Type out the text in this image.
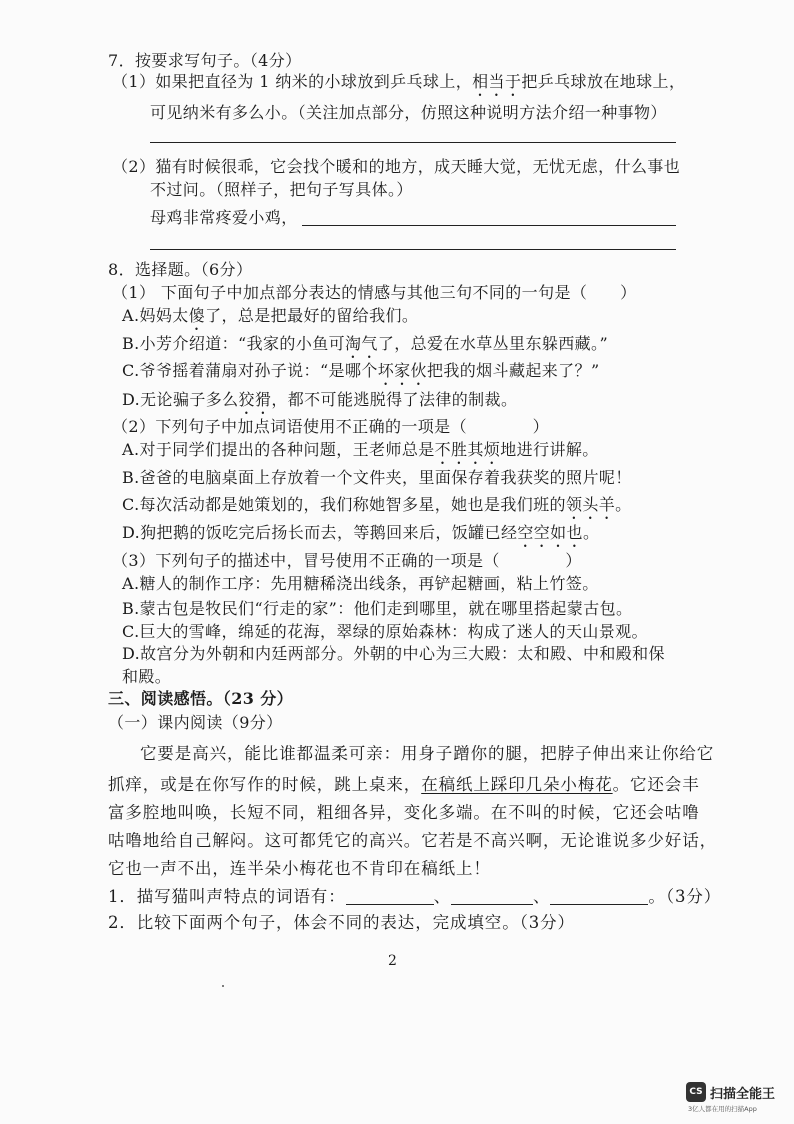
7．按要求写句子。（4分）
（1）如果把直径为 1 纳米的小球放到乒乓球上，相当于把乒乓球放在地球上，
可见纳米有多么小。（关注加点部分，仿照这种说明方法介绍一种事物）
（2）猫有时候很乖，它会找个暖和的地方，成天睡大觉，无忧无虑，什么事也
不过问。（照样子，把句子写具体。）
母鸡非常疼爱小鸡，
8．选择题。（6分）
（1） 下面句子中加点部分表达的情感与其他三句不同的一句是（　　）
A.妈妈太傻了，总是把最好的留给我们。
B.小芳介绍道：“我家的小鱼可淘气了，总爱在水草丛里东躲西藏。”
C.爷爷摇着蒲扇对孙子说：“是哪个坏家伙把我的烟斗藏起来了？”
D.无论骗子多么狡猾，都不可能逃脱得了法律的制裁。
（2）下列句子中加点词语使用不正确的一项是（　　　　）
A.对于同学们提出的各种问题，王老师总是不胜其烦地进行讲解。
B.爸爸的电脑桌面上存放着一个文件夹，里面保存着我获奖的照片呢！
C.每次活动都是她策划的，我们称她智多星，她也是我们班的领头羊。
D.狗把鹅的饭吃完后扬长而去，等鹅回来后，饭罐已经空空如也。
（3）下列句子的描述中，冒号使用不正确的一项是（　　　　）
A.糖人的制作工序：先用糖稀浇出线条，再铲起糖画，粘上竹签。
B.蒙古包是牧民们“行走的家”：他们走到哪里，就在哪里搭起蒙古包。
C.巨大的雪峰，绵延的花海，翠绿的原始森林：构成了迷人的天山景观。
D.故宫分为外朝和内廷两部分。外朝的中心为三大殿：太和殿、中和殿和保
和殿。
三、阅读感悟。（23 分）
（一）课内阅读（9分）
它要是高兴，能比谁都温柔可亲：用身子蹭你的腿，把脖子伸出来让你给它
抓痒，或是在你写作的时候，跳上桌来，在稿纸上踩印几朵小梅花。它还会丰
富多腔地叫唤，长短不同，粗细各异，变化多端。在不叫的时候，它还会咕噜
咕噜地给自己解闷。这可都凭它的高兴。它若是不高兴啊，无论谁说多少好话，
它也一声不出，连半朵小梅花也不肯印在稿纸上！
1．描写猫叫声特点的词语有：	、	、	。（3分）
2．比较下面两个句子，体会不同的表达，完成填空。（3分）
2
CS 扫描全能王
3亿人都在用的扫描App
